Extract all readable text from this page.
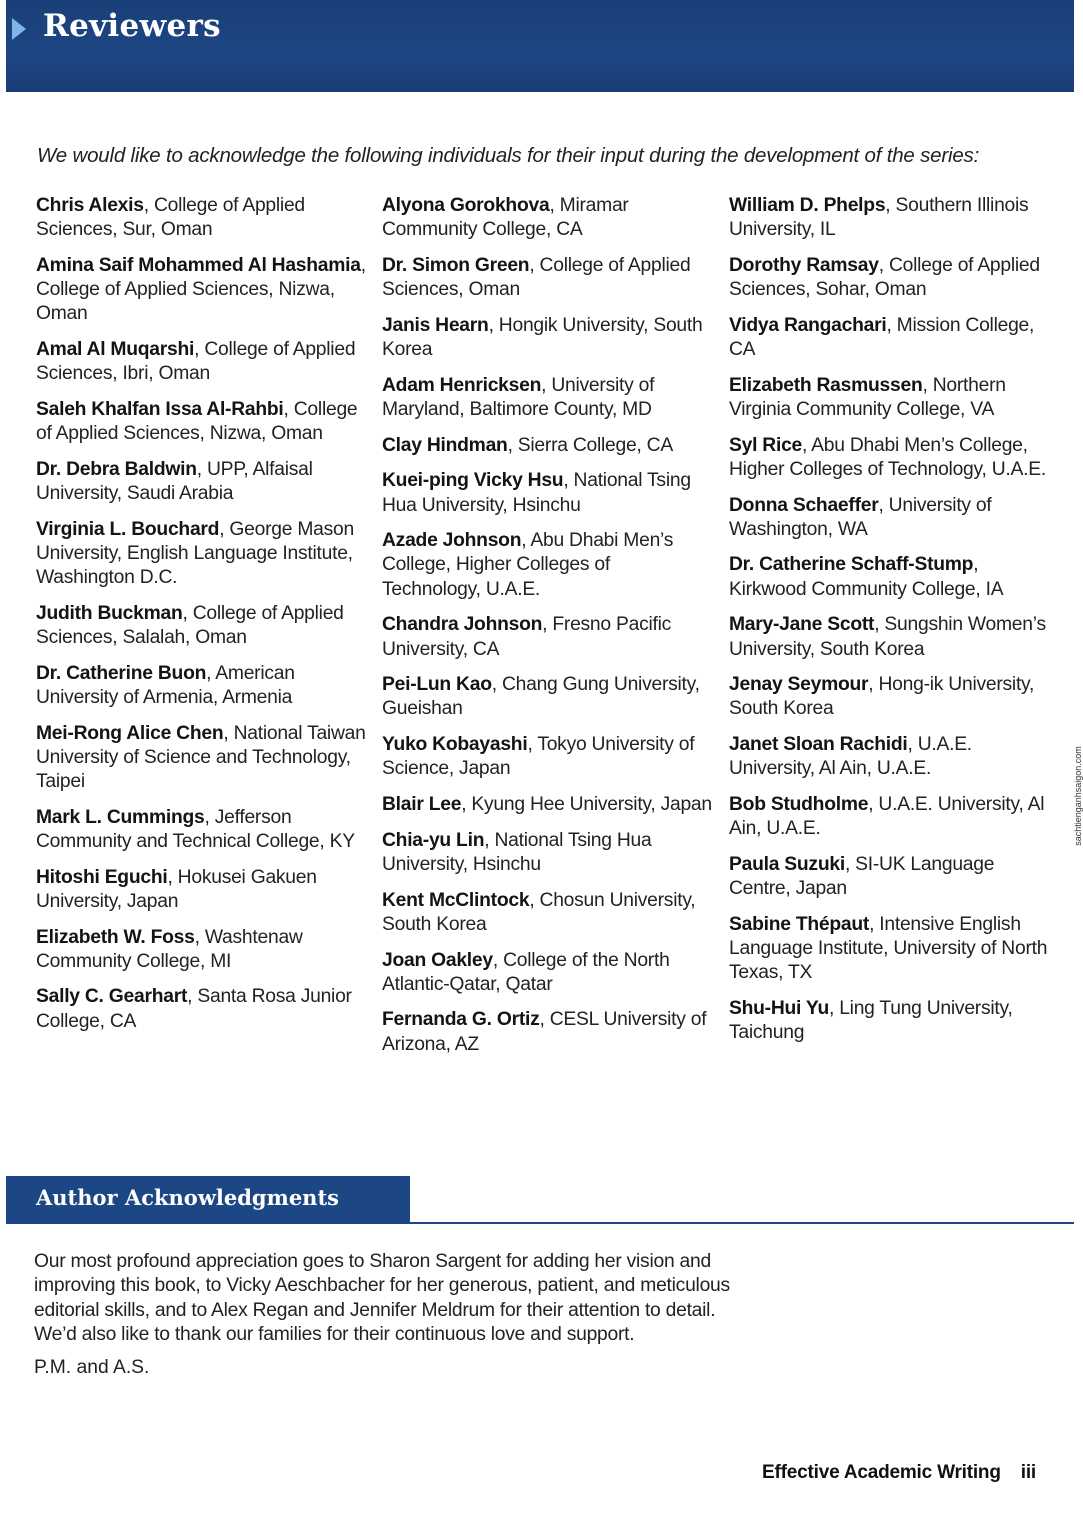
Reviewers
We would like to acknowledge the following individuals for their input during the development of the series:
Chris Alexis, College of Applied Sciences, Sur, Oman
Amina Saif Mohammed Al Hashamia, College of Applied Sciences, Nizwa, Oman
Amal Al Muqarshi, College of Applied Sciences, Ibri, Oman
Saleh Khalfan Issa Al-Rahbi, College of Applied Sciences, Nizwa, Oman
Dr. Debra Baldwin, UPP, Alfaisal University, Saudi Arabia
Virginia L. Bouchard, George Mason University, English Language Institute, Washington D.C.
Judith Buckman, College of Applied Sciences, Salalah, Oman
Dr. Catherine Buon, American University of Armenia, Armenia
Mei-Rong Alice Chen, National Taiwan University of Science and Technology, Taipei
Mark L. Cummings, Jefferson Community and Technical College, KY
Hitoshi Eguchi, Hokusei Gakuen University, Japan
Elizabeth W. Foss, Washtenaw Community College, MI
Sally C. Gearhart, Santa Rosa Junior College, CA
Alyona Gorokhova, Miramar Community College, CA
Dr. Simon Green, College of Applied Sciences, Oman
Janis Hearn, Hongik University, South Korea
Adam Henricksen, University of Maryland, Baltimore County, MD
Clay Hindman, Sierra College, CA
Kuei-ping Vicky Hsu, National Tsing Hua University, Hsinchu
Azade Johnson, Abu Dhabi Men’s College, Higher Colleges of Technology, U.A.E.
Chandra Johnson, Fresno Pacific University, CA
Pei-Lun Kao, Chang Gung University, Gueishan
Yuko Kobayashi, Tokyo University of Science, Japan
Blair Lee, Kyung Hee University, Japan
Chia-yu Lin, National Tsing Hua University, Hsinchu
Kent McClintock, Chosun University, South Korea
Joan Oakley, College of the North Atlantic-Qatar, Qatar
Fernanda G. Ortiz, CESL University of Arizona, AZ
William D. Phelps, Southern Illinois University, IL
Dorothy Ramsay, College of Applied Sciences, Sohar, Oman
Vidya Rangachari, Mission College, CA
Elizabeth Rasmussen, Northern Virginia Community College, VA
Syl Rice, Abu Dhabi Men’s College, Higher Colleges of Technology, U.A.E.
Donna Schaeffer, University of Washington, WA
Dr. Catherine Schaff-Stump, Kirkwood Community College, IA
Mary-Jane Scott, Sungshin Women’s University, South Korea
Jenay Seymour, Hong-ik University, South Korea
Janet Sloan Rachidi, U.A.E. University, Al Ain, U.A.E.
Bob Studholme, U.A.E. University, Al Ain, U.A.E.
Paula Suzuki, SI-UK Language Centre, Japan
Sabine Thépaut, Intensive English Language Institute, University of North Texas, TX
Shu-Hui Yu, Ling Tung University, Taichung
Author Acknowledgments
Our most profound appreciation goes to Sharon Sargent for adding her vision and improving this book, to Vicky Aeschbacher for her generous, patient, and meticulous editorial skills, and to Alex Regan and Jennifer Meldrum for their attention to detail. We’d also like to thank our families for their continuous love and support.
P.M. and A.S.
Effective Academic Writing iii
sachtienganhsaigon.com
